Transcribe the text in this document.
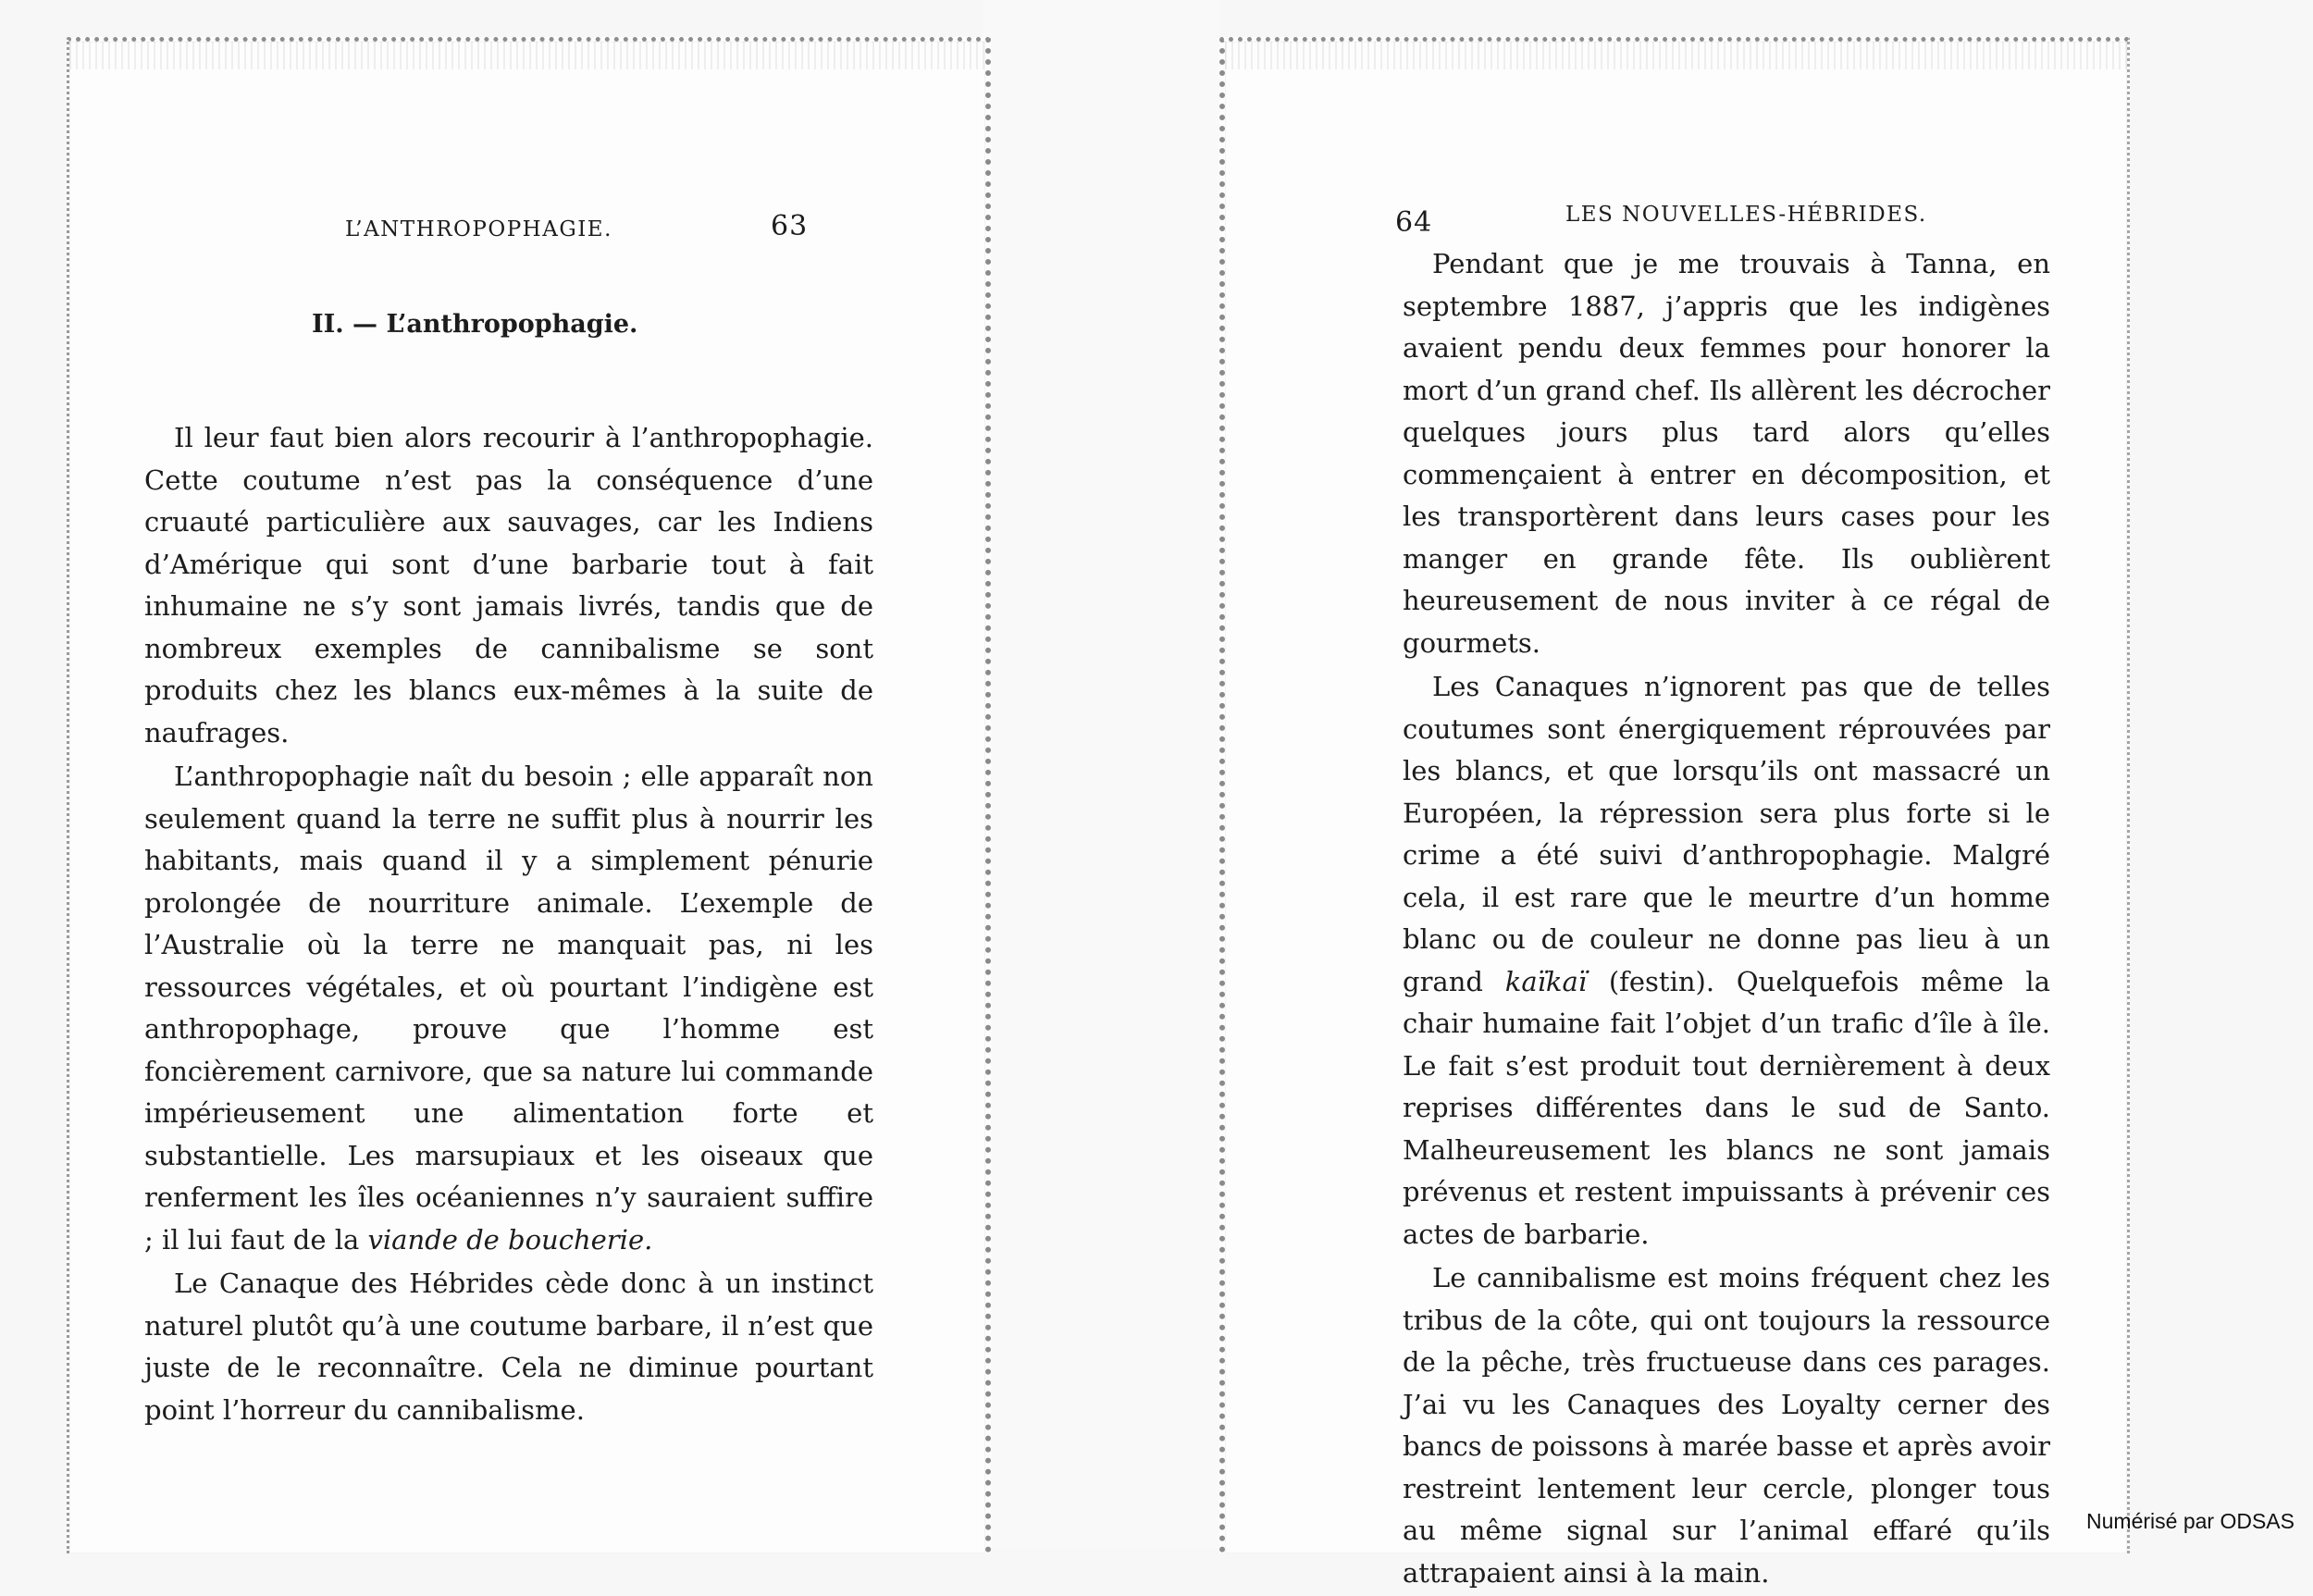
L’ANTHROPOPHAGIE.	63
II. — L’anthropophagie.

Il leur faut bien alors recourir à l’anthropophagie. Cette coutume n’est pas la conséquence d’une cruauté particulière aux sauvages, car les Indiens d’Amérique qui sont d’une barbarie tout à fait inhumaine ne s’y sont jamais livrés, tandis que de nombreux exemples de cannibalisme se sont produits chez les blancs eux-mêmes à la suite de naufrages.

L’anthropophagie naît du besoin ; elle apparaît non seulement quand la terre ne suffit plus à nourrir les habitants, mais quand il y a simplement pénurie prolongée de nourriture animale. L’exemple de l’Australie où la terre ne manquait pas, ni les ressources végétales, et où pourtant l’indigène est anthropophage, prouve que l’homme est foncièrement carnivore, que sa nature lui commande impérieusement une alimentation forte et substantielle. Les marsupiaux et les oiseaux que renferment les îles océaniennes n’y sauraient suffire ; il lui faut de la viande de boucherie.

Le Canaque des Hébrides cède donc à un instinct naturel plutôt qu’à une coutume barbare, il n’est que juste de le reconnaître. Cela ne diminue pourtant point l’horreur du cannibalisme.

64	LES NOUVELLES-HÉBRIDES.

Pendant que je me trouvais à Tanna, en septembre 1887, j’appris que les indigènes avaient pendu deux femmes pour honorer la mort d’un grand chef. Ils allèrent les décrocher quelques jours plus tard alors qu’elles commençaient à entrer en décomposition, et les transportèrent dans leurs cases pour les manger en grande fête. Ils oublièrent heureusement de nous inviter à ce régal de gourmets.

Les Canaques n’ignorent pas que de telles coutumes sont énergiquement réprouvées par les blancs, et que lorsqu’ils ont massacré un Européen, la répression sera plus forte si le crime a été suivi d’anthropophagie. Malgré cela, il est rare que le meurtre d’un homme blanc ou de couleur ne donne pas lieu à un grand kaïkaï (festin). Quelquefois même la chair humaine fait l’objet d’un trafic d’île à île. Le fait s’est produit tout dernièrement à deux reprises différentes dans le sud de Santo. Malheureusement les blancs ne sont jamais prévenus et restent impuissants à prévenir ces actes de barbarie.

Le cannibalisme est moins fréquent chez les tribus de la côte, qui ont toujours la ressource de la pêche, très fructueuse dans ces parages. J’ai vu les Canaques des Loyalty cerner des bancs de poissons à marée basse et après avoir restreint lentement leur cercle, plonger tous au même signal sur l’animal effaré qu’ils attrapaient ainsi à la main.

Numérisé par ODSAS
